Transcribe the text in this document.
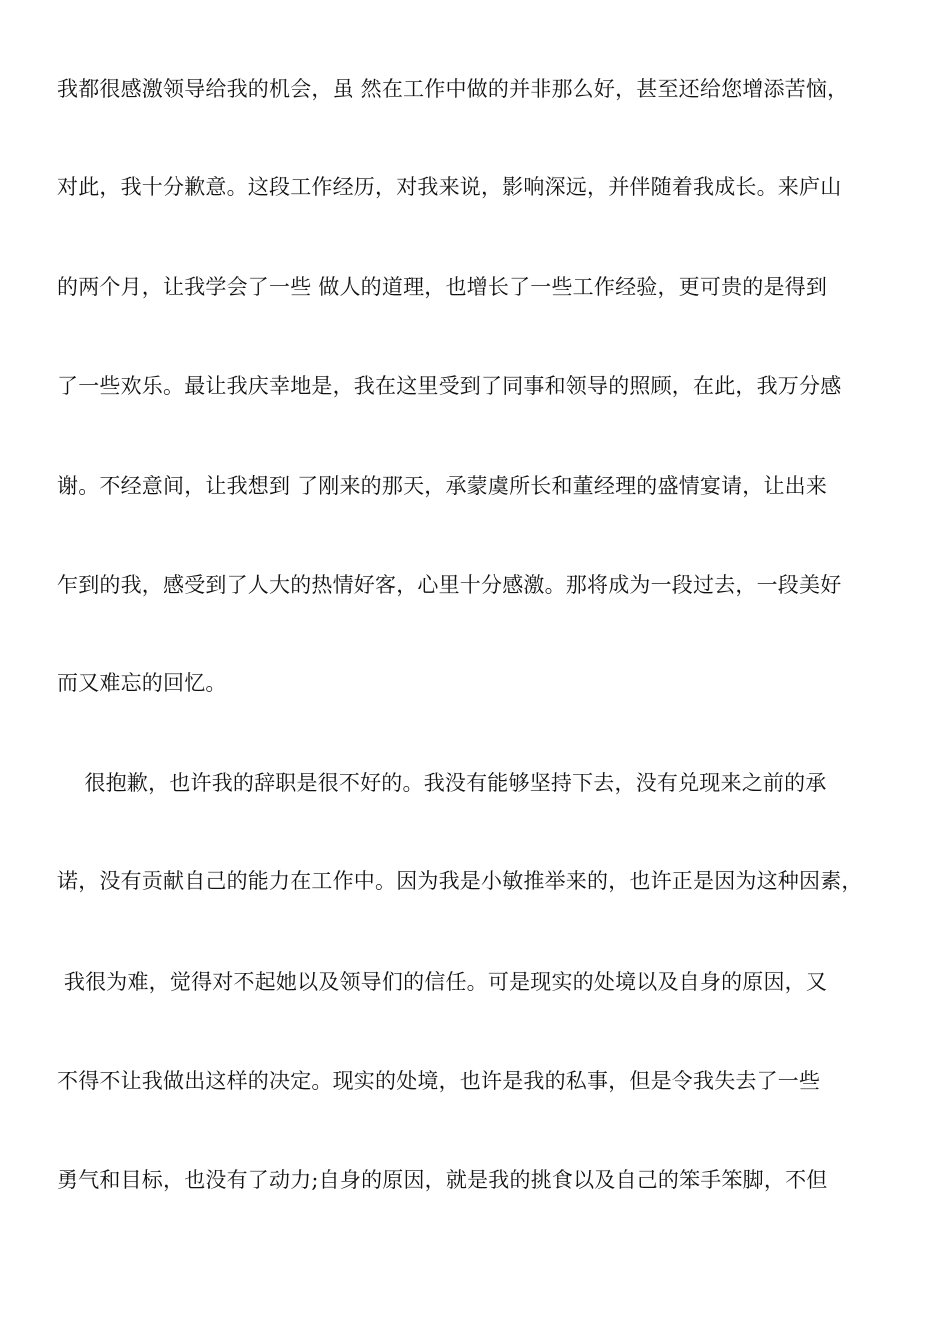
我都很感激领导给我的机会，虽 然在工作中做的并非那么好，甚至还给您增添苦恼，
对此，我十分歉意。这段工作经历，对我来说，影响深远，并伴随着我成长。来庐山
的两个月，让我学会了一些 做人的道理，也增长了一些工作经验，更可贵的是得到
了一些欢乐。最让我庆幸地是，我在这里受到了同事和领导的照顾，在此，我万分感
谢。不经意间，让我想到 了刚来的那天，承蒙虞所长和董经理的盛情宴请，让出来
乍到的我，感受到了人大的热情好客，心里十分感激。那将成为一段过去，一段美好
而又难忘的回忆。
很抱歉，也许我的辞职是很不好的。我没有能够坚持下去，没有兑现来之前的承
诺，没有贡献自己的能力在工作中。因为我是小敏推举来的，也许正是因为这种因素，
我很为难，觉得对不起她以及领导们的信任。可是现实的处境以及自身的原因，又
不得不让我做出这样的决定。现实的处境，也许是我的私事，但是令我失去了一些
勇气和目标，也没有了动力;自身的原因，就是我的挑食以及自己的笨手笨脚，不但
